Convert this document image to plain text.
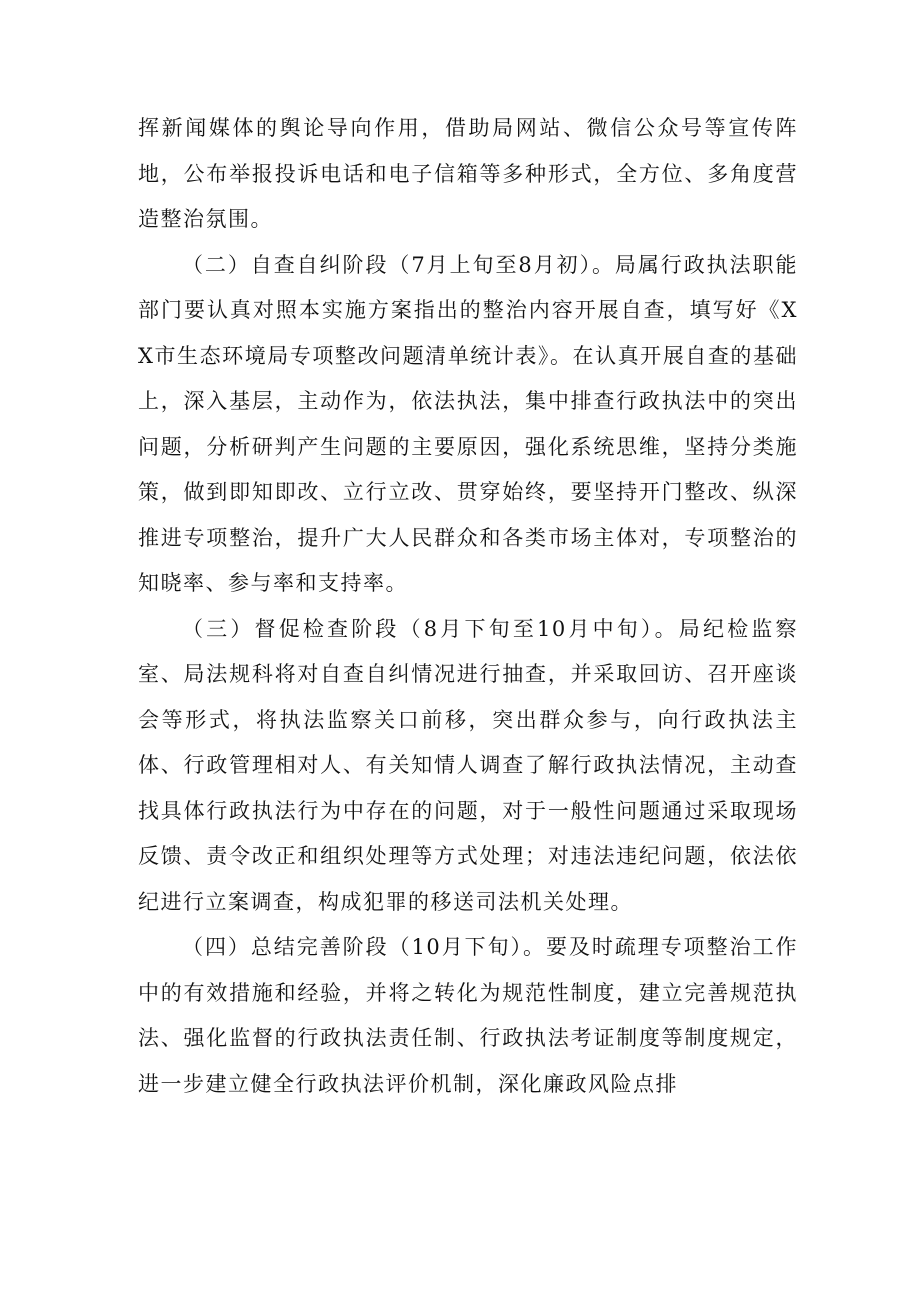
挥新闻媒体的舆论导向作用，借助局网站、微信公众号等宣传阵地，公布举报投诉电话和电子信箱等多种形式，全方位、多角度营造整治氛围。

（二）自查自纠阶段（7月上旬至8月初）。局属行政执法职能部门要认真对照本实施方案指出的整治内容开展自查，填写好《XX市生态环境局专项整改问题清单统计表》。在认真开展自查的基础上，深入基层，主动作为，依法执法，集中排查行政执法中的突出问题，分析研判产生问题的主要原因，强化系统思维，坚持分类施策，做到即知即改、立行立改、贯穿始终，要坚持开门整改、纵深推进专项整治，提升广大人民群众和各类市场主体对，专项整治的知晓率、参与率和支持率。

（三）督促检查阶段（8月下旬至10月中旬）。局纪检监察室、局法规科将对自查自纠情况进行抽查，并采取回访、召开座谈会等形式，将执法监察关口前移，突出群众参与，向行政执法主体、行政管理相对人、有关知情人调查了解行政执法情况，主动查找具体行政执法行为中存在的问题，对于一般性问题通过采取现场反馈、责令改正和组织处理等方式处理；对违法违纪问题，依法依纪进行立案调查，构成犯罪的移送司法机关处理。

（四）总结完善阶段（10月下旬）。要及时疏理专项整治工作中的有效措施和经验，并将之转化为规范性制度，建立完善规范执法、强化监督的行政执法责任制、行政执法考证制度等制度规定，进一步建立健全行政执法评价机制，深化廉政风险点排
